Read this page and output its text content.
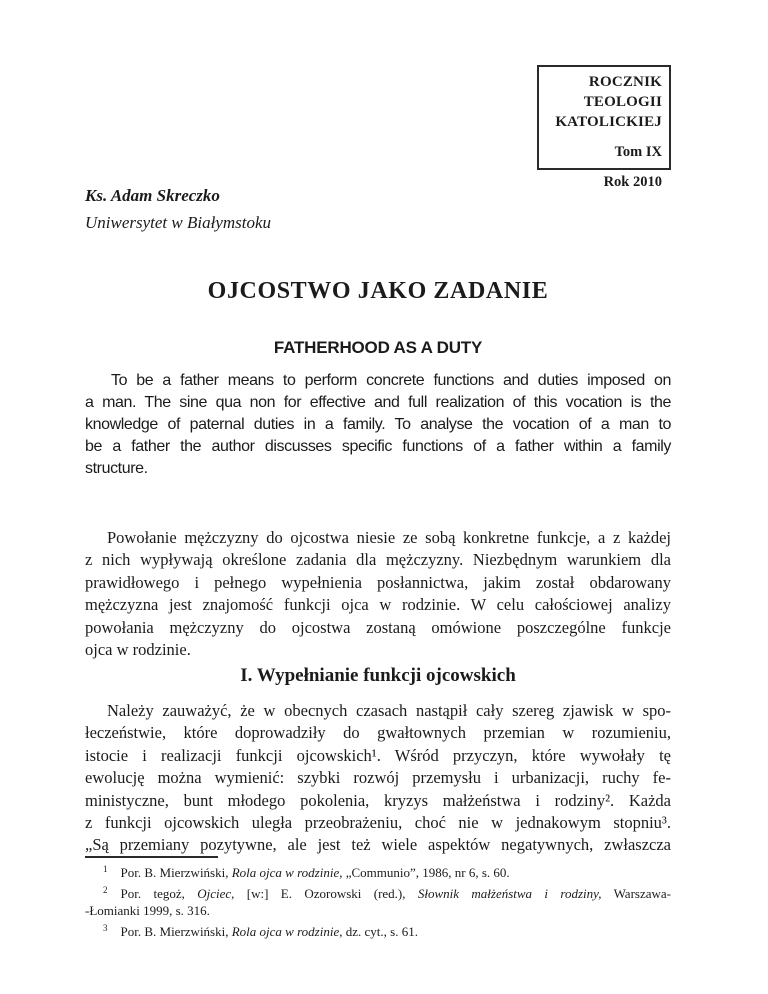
ROCZNIK
TEOLOGII
KATOLICKIEJ
Tom IX
Rok 2010
Ks. Adam Skreczko
Uniwersytet w Białymstoku
OJCOSTWO JAKO ZADANIE
FATHERHOOD AS A DUTY
To be a father means to perform concrete functions and duties imposed on
a man. The sine qua non for effective and full realization of this vocation is the
knowledge of paternal duties in a family. To analyse the vocation of a man to
be a father the author discusses specific functions of a father within a family
structure.
Powołanie mężczyzny do ojcostwa niesie ze sobą konkretne funkcje, a z każdej
z nich wypływają określone zadania dla mężczyzny. Niezbędnym warunkiem dla
prawidłowego i pełnego wypełnienia posłannictwa, jakim został obdarowany
mężczyzna jest znajomość funkcji ojca w rodzinie. W celu całościowej analizy
powołania mężczyzny do ojcostwa zostaną omówione poszczególne funkcje
ojca w rodzinie.
I. Wypełnianie funkcji ojcowskich
Należy zauważyć, że w obecnych czasach nastąpił cały szereg zjawisk w spo-
łeczeństwie, które doprowadziły do gwałtownych przemian w rozumieniu,
istocie i realizacji funkcji ojcowskich¹. Wśród przyczyn, które wywołały tę
ewolucję można wymienić: szybki rozwój przemysłu i urbanizacji, ruchy fe-
ministyczne, bunt młodego pokolenia, kryzys małżeństwa i rodziny². Każda
z funkcji ojcowskich uległa przeobrażeniu, choć nie w jednakowym stopniu³.
„Są przemiany pozytywne, ale jest też wiele aspektów negatywnych, zwłaszcza
$^1$ Por. B. Mierzwiński, Rola ojca w rodzinie, „Communio”, 1986, nr 6, s. 60.
$^2$ Por. tegoż, Ojciec, [w:] E. Ozorowski (red.), Słownik małżeństwa i rodziny, Warszawa-
-Łomianki 1999, s. 316.
$^3$ Por. B. Mierzwiński, Rola ojca w rodzinie, dz. cyt., s. 61.
